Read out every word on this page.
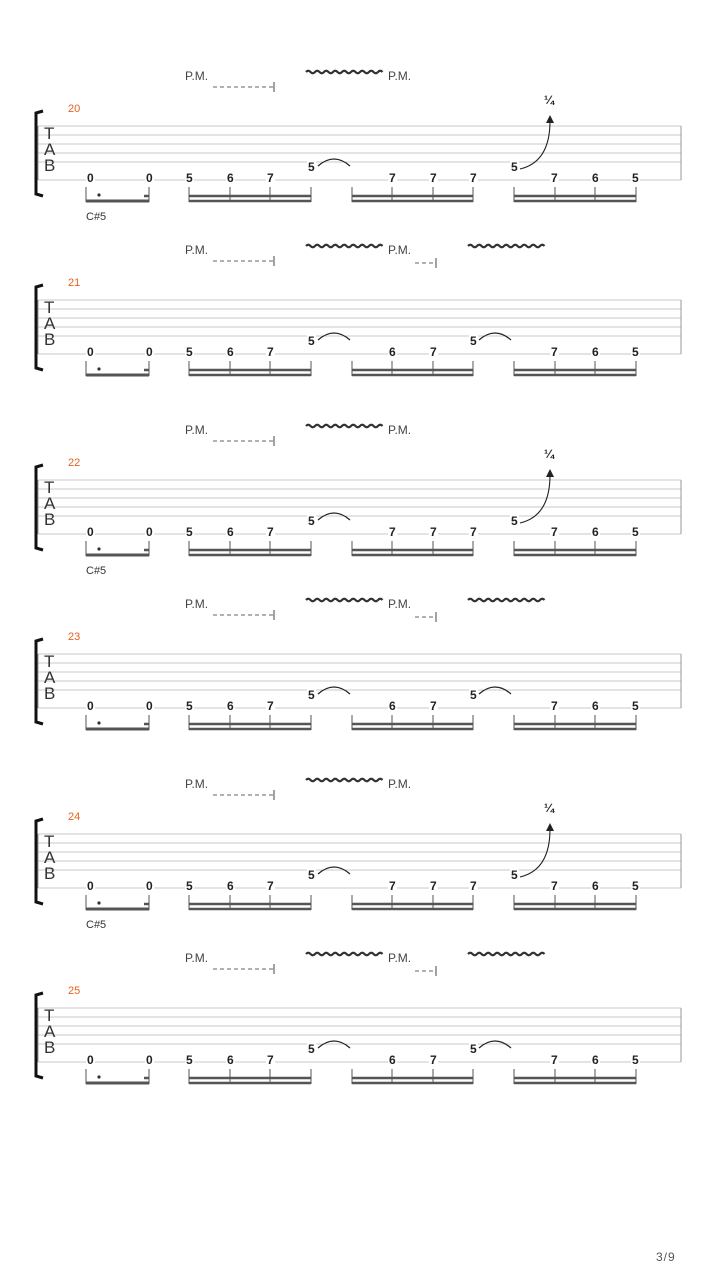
20
P.M.	P.M.
¼
T
A
B
0	0	5	6	7
5
7	7	7
5
7	6	5
21
C#5
P.M.	P.M.
T
A
B
0	0	5	6	7
5
6	7
5
7	6	5
22
P.M.	P.M.
¼
T
A
B
0	0	5	6	7
5
7	7	7
5
7	6	5
23
C#5
P.M.	P.M.
T
A
B
0	0	5	6	7
5
6	7
5
7	6	5
24
P.M.	P.M.
¼
T
A
B
0	0	5	6	7
5
7	7	7
5
7	6	5
25
C#5
P.M.	P.M.
T
A
B
0	0	5	6	7
5
6	7
5
7	6	5
3/9
